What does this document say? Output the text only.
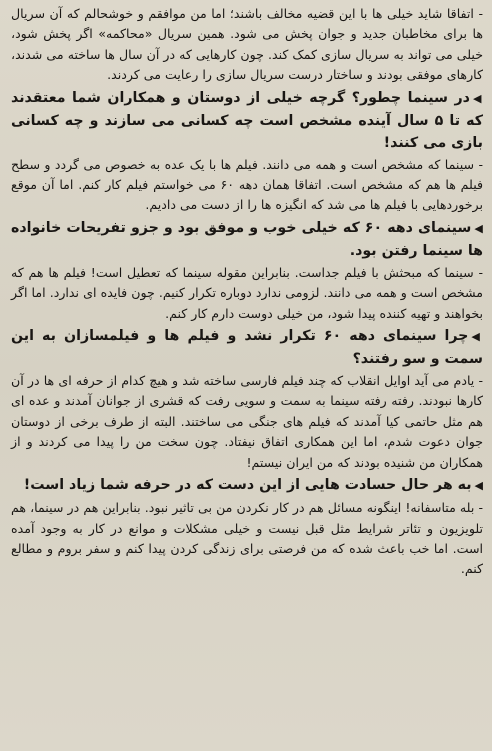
- اتفاقا شاید خیلی ها با این قضیه مخالف باشند؛ اما من موافقم و خوشحالم که آن سریال ها برای مخاطبان جدید و جوان پخش می شود. همین سریال «محاکمه» اگر پخش شود، خیلی می تواند به سریال سازی کمک کند. چون کارهایی که در آن سال ها ساخته می شدند، کارهای موفقی بودند و ساختار درست سریال سازی را رعایت می کردند.

◀در سینما چطور؟ گرچه خیلی از دوستان و همکاران شما معتقدند که تا ۵ سال آینده مشخص است چه کسانی می سازند و چه کسانی بازی می کنند!

- سینما که مشخص است و همه می دانند. فیلم ها با یک عده به خصوص می گردد و سطح فیلم ها هم که مشخص است. اتفاقا همان دهه ۶۰ می خواستم فیلم کار کنم. اما آن موقع برخوردهایی با فیلم ها می شد که انگیزه ها را از دست می دادیم.

◀سینمای دهه ۶۰ که خیلی خوب و موفق بود و جزو تفریحات خانواده ها سینما رفتن بود.

- سینما که مبحثش با فیلم جداست. بنابراین مقوله سینما که تعطیل است! فیلم ها هم که مشخص است و همه می دانند. لزومی ندارد دوباره تکرار کنیم. چون فایده ای ندارد. اما اگر بخواهند و تهیه کننده پیدا شود، من خیلی دوست دارم کار کنم.

◀چرا سینمای دهه ۶۰ تکرار نشد و فیلم ها و فیلمسازان به این سمت و سو رفتند؟

- یادم می آید اوایل انقلاب که چند فیلم فارسی ساخته شد و هیچ کدام از حرفه ای ها در آن کارها نبودند. رفته رفته سینما به سمت و سویی رفت که قشری از جوانان آمدند و عده ای هم مثل حاتمی کیا آمدند که فیلم های جنگی می ساختند. البته از طرف برخی از دوستان جوان دعوت شدم، اما این همکاری اتفاق نیفتاد. چون سخت من را پیدا می کردند و از همکاران من شنیده بودند که من ایران نیستم!

◀به هر حال حسادت هایی از این دست که در حرفه شما زیاد است!

- بله متاسفانه! اینگونه مسائل هم در کار نکردن من بی تاثیر نبود. بنابراین هم در سینما، هم تلویزیون و تئاتر شرایط مثل قبل نیست و خیلی مشکلات و موانع در کار به وجود آمده است. اما خب باعث شده که من فرصتی برای زندگی کردن پیدا کنم و سفر بروم و مطالع کنم.
